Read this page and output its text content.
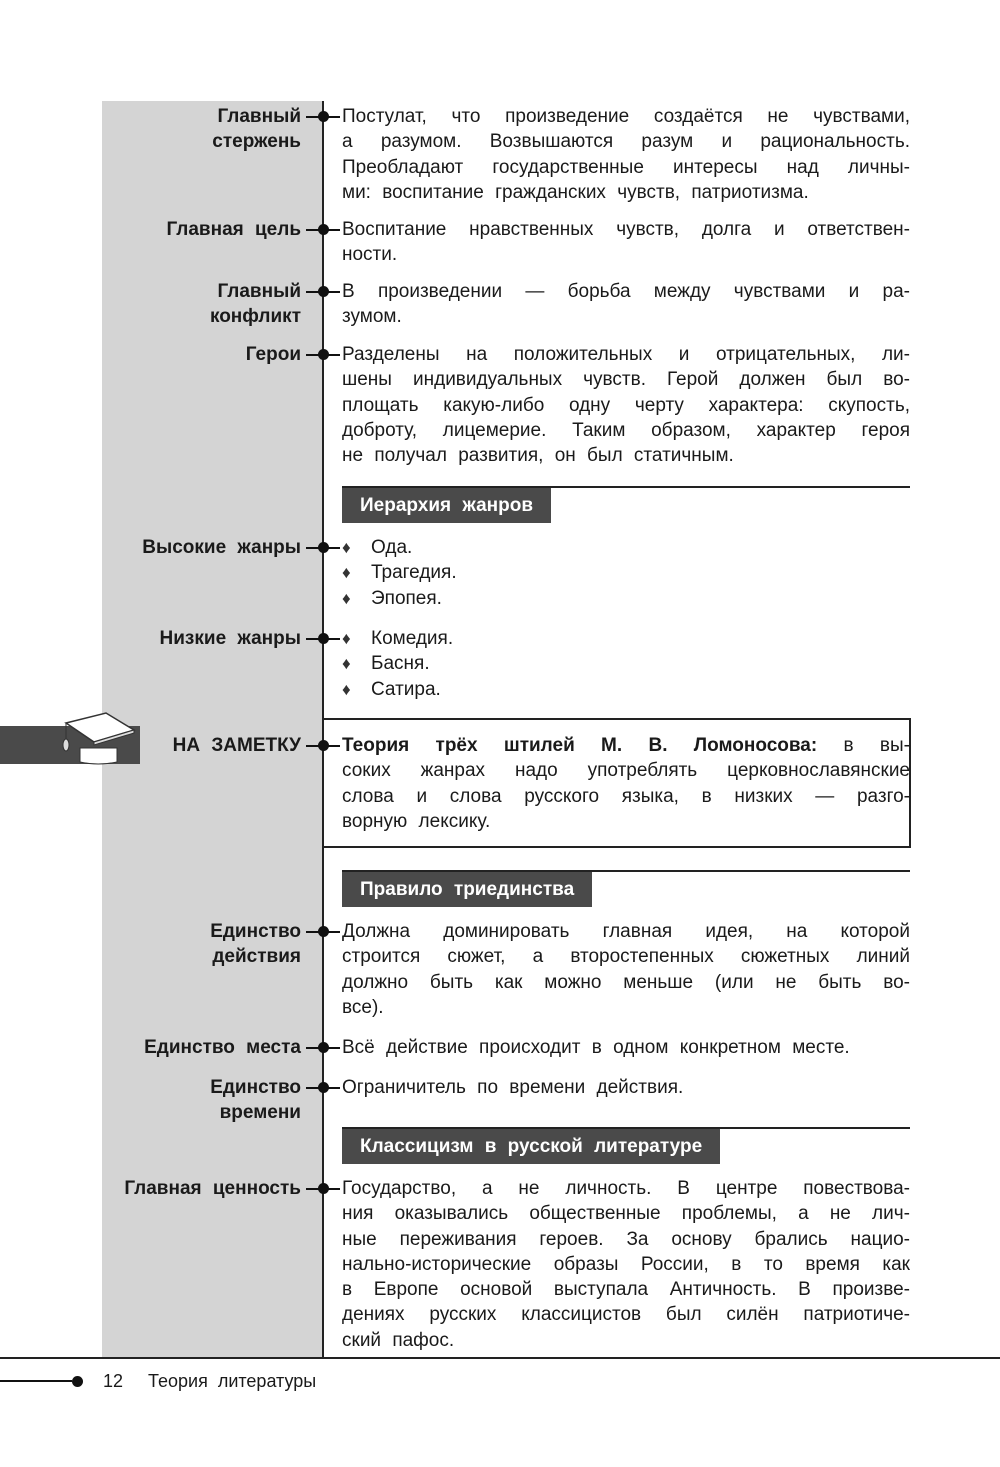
Главный
стержень
Постулат, что произведение создаётся не чувствами,
а разумом. Возвышаются разум и рациональность.
Преобладают государственные интересы над личны-
ми: воспитание гражданских чувств, патриотизма.
Главная цель Воспитание нравственных чувств, долга и ответствен-
ности.
Главный
конфликт
В произведении — борьба между чувствами и ра-
зумом.
Герои Разделены на положительных и отрицательных, ли-
шены индивидуальных чувств. Герой должен был во-
площать какую-либо одну черту характера: скупость,
доброту, лицемерие. Таким образом, характер героя
не получал развития, он был статичным.
Высокие жанры ♦ Ода.
♦ Трагедия.
♦ Эпопея.
Низкие жанры ♦ Комедия.
♦ Басня.
♦ Сатира.
НА ЗАМЕТКУ Теория трёх штилей М. В. Ломоносова: в вы-
соких жанрах надо употреблять церковнославянские
слова и слова русского языка, в низких — разго-
ворную лексику.
Единство
действия
Должна доминировать главная идея, на которой
строится сюжет, а второстепенных сюжетных линий
должно быть как можно меньше (или не быть во-
все).
Единство места Всё действие происходит в одном конкретном месте.
Единство
времени
Ограничитель по времени действия.
Главная ценность Государство, а не личность. В центре повествова-
ния оказывались общественные проблемы, а не лич-
ные переживания героев. За основу брались нацио-
нально-исторические образы России, в то время как
в Европе основой выступала Античность. В произве-
дениях русских классицистов был силён патриотиче-
ский пафос.
Иерархия жанров
Правило триединства
Классицизм в русской литературе
12 Теория литературы
